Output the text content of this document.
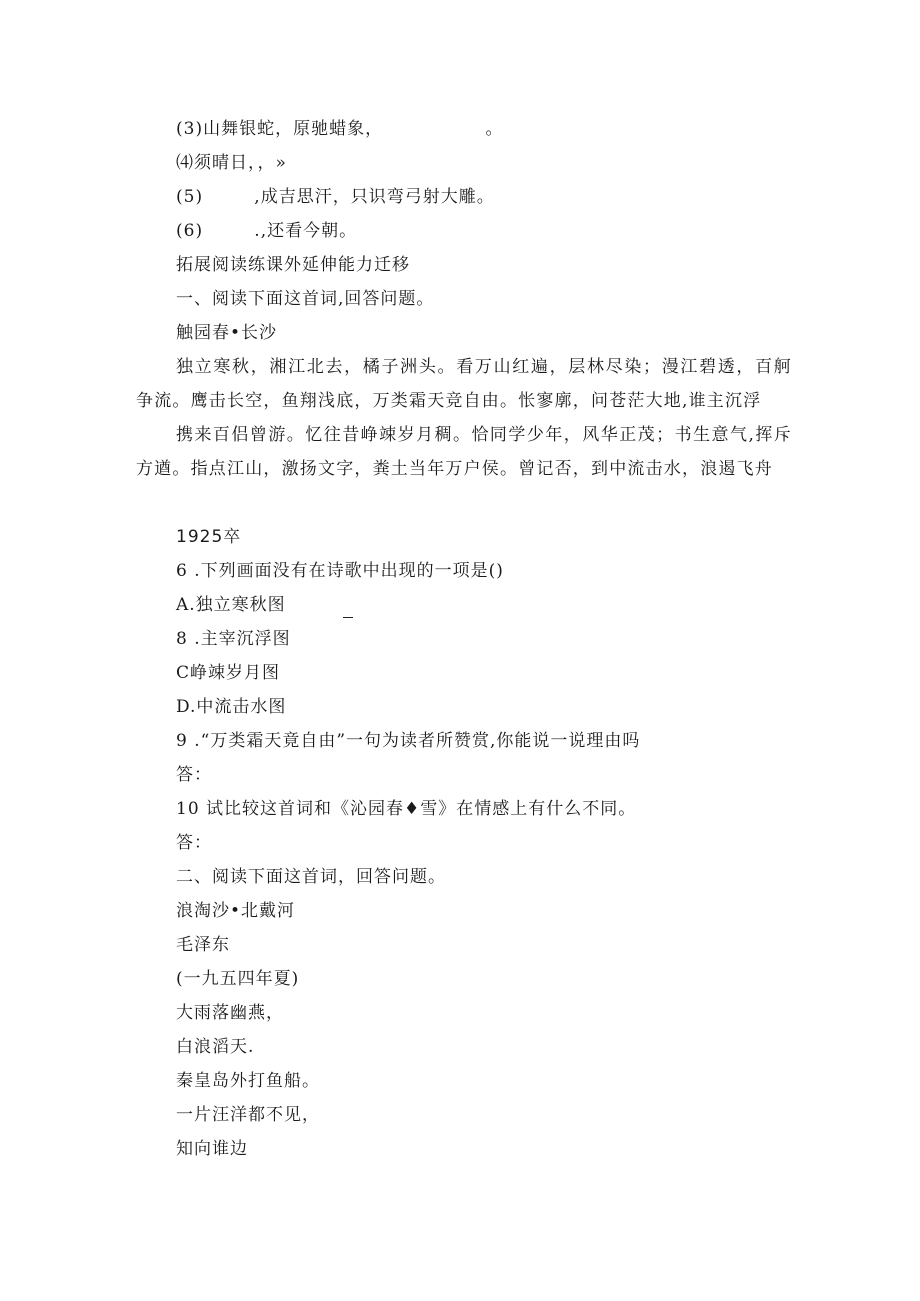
(3)山舞银蛇，原驰蜡象，                。
⑷须晴日，，»
(5)        ,成吉思汗，只识弯弓射大雕。
(6)        .,还看今朝。
拓展阅读练课外延伸能力迁移
一、阅读下面这首词,回答问题。
触园春•长沙
独立寒秋，湘江北去，橘子洲头。看万山红遍，层林尽染；漫江碧透，百舸争流。鹰击长空，鱼翔浅底，万类霜天竞自由。怅寥廓，问苍茫大地,谁主沉浮
携来百侣曾游。忆往昔峥竦岁月稠。恰同学少年，风华正茂；书生意气,挥斥方遒。指点江山，激扬文字，粪土当年万户侯。曾记否，到中流击水，浪遏飞舟
1925卒
6 .下列画面没有在诗歌中出现的一项是()
A.独立寒秋图
8 .主宰沉浮图
C峥竦岁月图
D.中流击水图
9 .“万类霜天竟自由”一句为读者所赞赏,你能说一说理由吗
答：
10 试比较这首词和《沁园春♦雪》在情感上有什么不同。
答：
二、阅读下面这首词，回答问题。
浪淘沙•北戴河
毛泽东
(一九五四年夏)
大雨落幽燕，
白浪滔天.
秦皇岛外打鱼船。
一片汪洋都不见，
知向谁边
